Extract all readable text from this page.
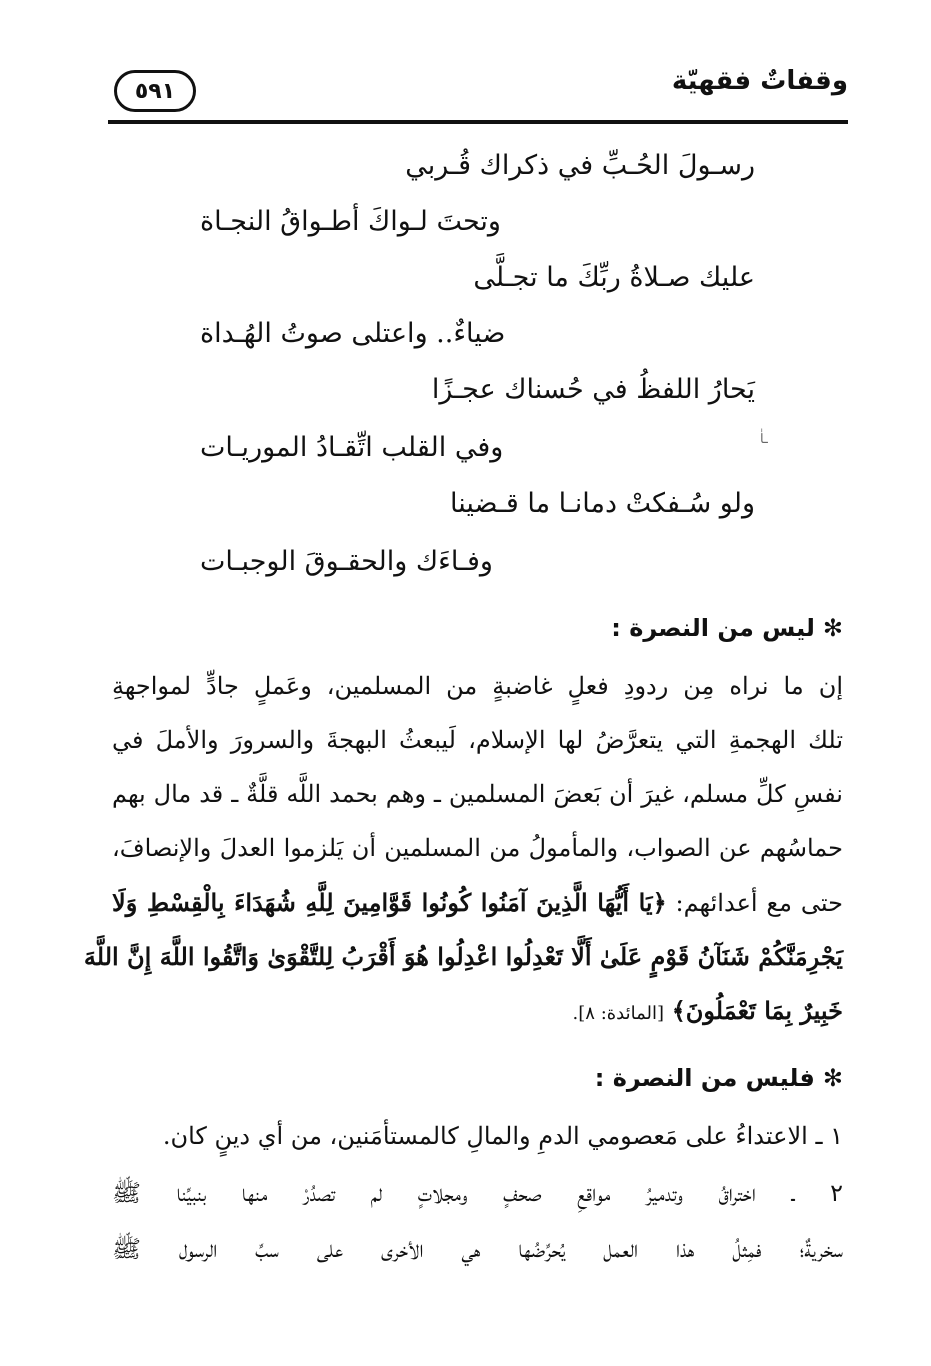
وقفاتٌ فقهيّة
٥٩١
رسـولَ الحُـبِّ في ذكراك قُـربي
وتحتَ لـواكَ أطـواقُ النجـاة
عليك صـلاةُ ربِّكَ ما تجـلَّى
ضياءٌ.. واعتلى صوتُ الهُـداة
يَحارُ اللفظُ في حُسناك عجـزًا
وفي القلب اتِّقـادُ الموريـات
ولو سُـفكتْ دمانـا ما قـضينا
وفـاءَك والحقـوقَ الوجبـات
ـاٰ
✻ليس من النصرة :
إن ما نراه مِن ردودِ فعلٍ غاضبةٍ من المسلمين، وعَملٍ جادٍّ لمواجهةِ
تلك الهجمةِ التي يتعرَّضُ لها الإسلام، لَيبعثُ البهجةَ والسرورَ والأملَ في
نفسِ كلِّ مسلم، غيرَ أن بَعضَ المسلمين ـ وهم بحمد اللَّه قلَّةٌ ـ قد مال بهم
حماسُهم عن الصواب، والمأمولُ من المسلمين أن يَلزموا العدلَ والإنصافَ،
حتى مع أعدائهم: ﴿يَا أَيُّهَا الَّذِينَ آمَنُوا كُونُوا قَوَّامِينَ لِلَّهِ شُهَدَاءَ بِالْقِسْطِ وَلَا
يَجْرِمَنَّكُمْ شَنَآنُ قَوْمٍ عَلَىٰ أَلَّا تَعْدِلُوا اعْدِلُوا هُوَ أَقْرَبُ لِلتَّقْوَىٰ وَاتَّقُوا اللَّهَ إِنَّ اللَّهَ
خَبِيرٌ بِمَا تَعْمَلُونَ﴾ [المائدة: ٨].
✻فليس من النصرة :
١ ـ الاعتداءُ على مَعصومي الدمِ والمالِ كالمستأمَنين، من أي دينٍ كان.
٢ ـ اختراقُ وتدميرُ مواقعِ صحفٍ ومجلاتٍ لم تصدُرْ منها بنبيِّنا ﷺ
سخريةٌ؛ فمِثلُ هذا العمل يُحرِّضُها هي الأخرى على سبِّ الرسول ﷺ
